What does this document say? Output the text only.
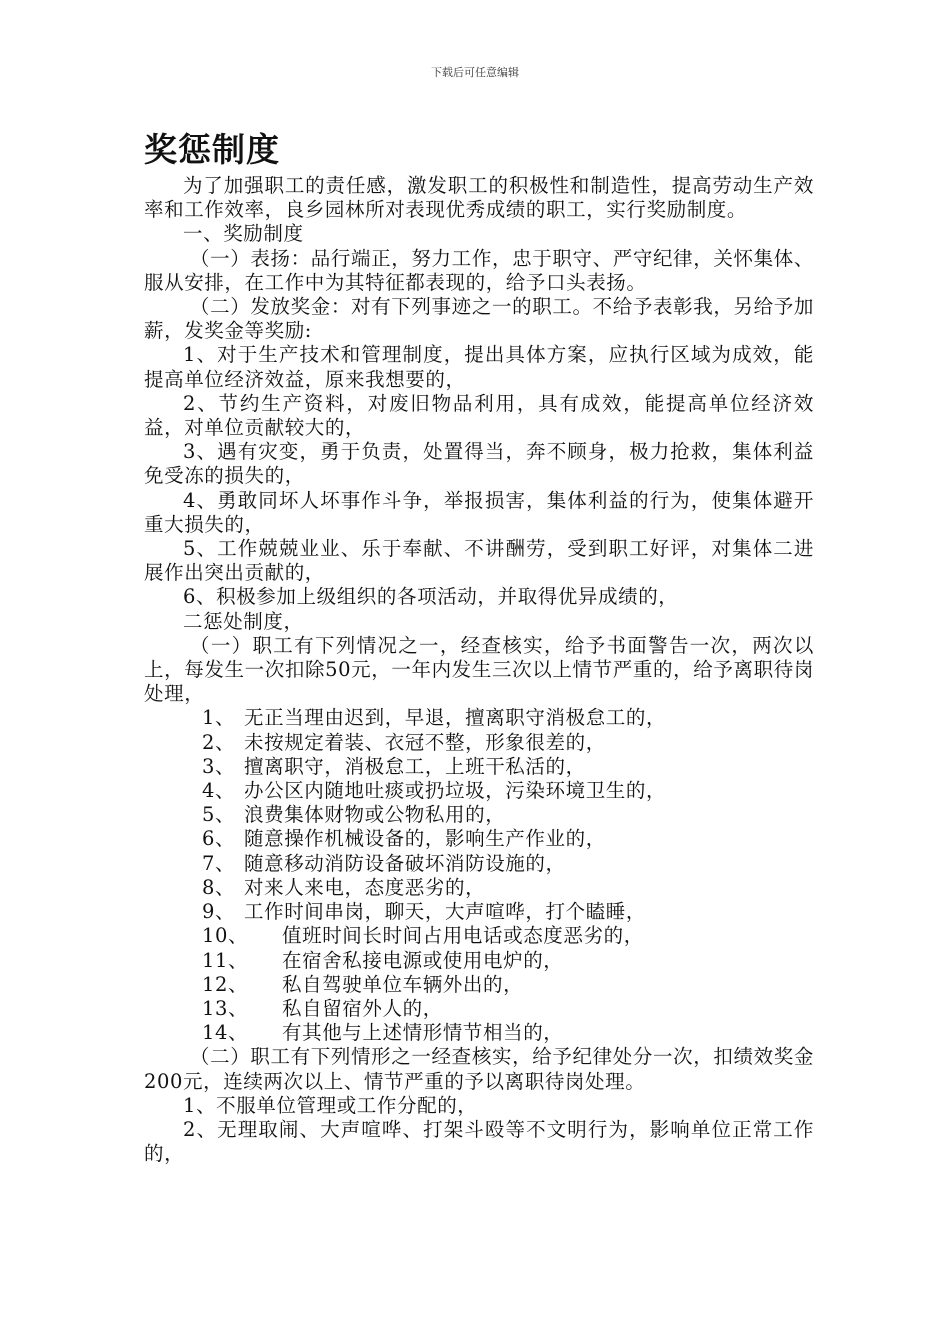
下载后可任意编辑
奖惩制度

为了加强职工的责任感，激发职工的积极性和制造性，提高劳动生产效率和工作效率，良乡园林所对表现优秀成绩的职工，实行奖励制度。

一、奖励制度

（一）表扬：品行端正，努力工作，忠于职守、严守纪律，关怀集体、服从安排，在工作中为其特征都表现的，给予口头表扬。

（二）发放奖金：对有下列事迹之一的职工。不给予表彰我，另给予加薪，发奖金等奖励:

1、对于生产技术和管理制度，提出具体方案，应执行区域为成效，能提高单位经济效益，原来我想要的，

2、节约生产资料，对废旧物品利用，具有成效，能提高单位经济效益，对单位贡献较大的，

3、遇有灾变，勇于负责，处置得当，奔不顾身，极力抢救，集体利益免受冻的损失的，

4、勇敢同坏人坏事作斗争，举报损害，集体利益的行为，使集体避开重大损失的，

5、工作兢兢业业、乐于奉献、不讲酬劳，受到职工好评，对集体二进展作出突出贡献的，

6、积极参加上级组织的各项活动，并取得优异成绩的，

二惩处制度，

（一）职工有下列情况之一，经查核实，给予书面警告一次，两次以上，每发生一次扣除50元，一年内发生三次以上情节严重的，给予离职待岗处理，

1、 无正当理由迟到，早退，擅离职守消极怠工的，
2、 未按规定着装、衣冠不整，形象很差的，
3、 擅离职守，消极怠工，上班干私活的，
4、 办公区内随地吐痰或扔垃圾，污染环境卫生的，
5、 浪费集体财物或公物私用的，
6、 随意操作机械设备的，影响生产作业的，
7、 随意移动消防设备破坏消防设施的，
8、 对来人来电，态度恶劣的，
9、 工作时间串岗，聊天，大声喧哗，打个瞌睡，
10、 值班时间长时间占用电话或态度恶劣的，
11、 在宿舍私接电源或使用电炉的，
12、 私自驾驶单位车辆外出的，
13、 私自留宿外人的，
14、 有其他与上述情形情节相当的，

（二）职工有下列情形之一经查核实，给予纪律处分一次，扣绩效奖金200元，连续两次以上、情节严重的予以离职待岗处理。

1、不服单位管理或工作分配的，

2、无理取闹、大声喧哗、打架斗殴等不文明行为，影响单位正常工作的，
